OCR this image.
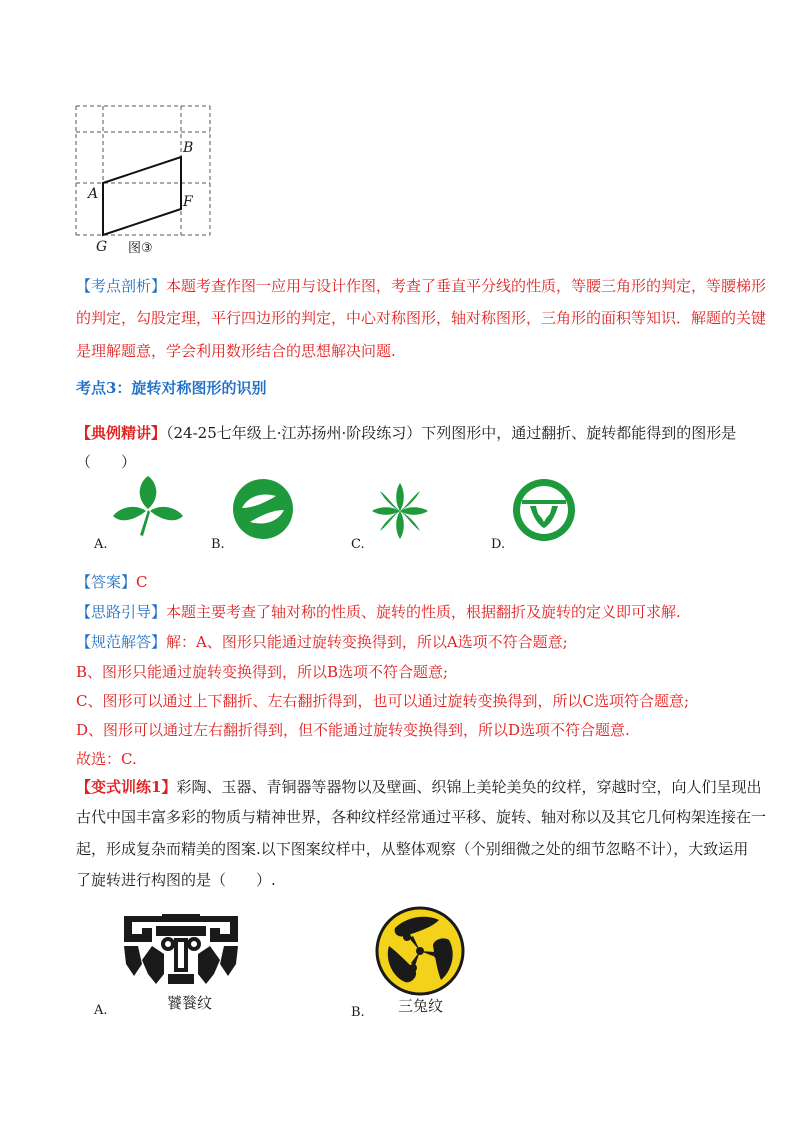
B
A	F
G 图③
【考点剖析】本题考查作图一应用与设计作图，考查了垂直平分线的性质，等腰三角形的判定，等腰梯形
的判定，勾股定理，平行四边形的判定，中心对称图形，轴对称图形，三角形的面积等知识．解题的关键
是理解题意，学会利用数形结合的思想解决问题.
考点3：旋转对称图形的识别
【典例精讲】（24-25七年级上·江苏扬州·阶段练习）下列图形中，通过翻折、旋转都能得到的图形是
（　　）
A.	B.	C.	D.
【答案】C
【思路引导】本题主要考查了轴对称的性质、旋转的性质，根据翻折及旋转的定义即可求解.
【规范解答】解：A、图形只能通过旋转变换得到，所以A选项不符合题意;
B、图形只能通过旋转变换得到，所以B选项不符合题意;
C、图形可以通过上下翻折、左右翻折得到，也可以通过旋转变换得到，所以C选项符合题意;
D、图形可以通过左右翻折得到，但不能通过旋转变换得到，所以D选项不符合题意.
故选：C.
【变式训练1】彩陶、玉器、青铜器等器物以及壁画、织锦上美轮美奂的纹样，穿越时空，向人们呈现出
古代中国丰富多彩的物质与精神世界，各种纹样经常通过平移、旋转、轴对称以及其它几何构架连接在一
起，形成复杂而精美的图案.以下图案纹样中，从整体观察（个别细微之处的细节忽略不计），大致运用
了旋转进行构图的是（　　）.
A.	饕餮纹
B. 三兔纹
